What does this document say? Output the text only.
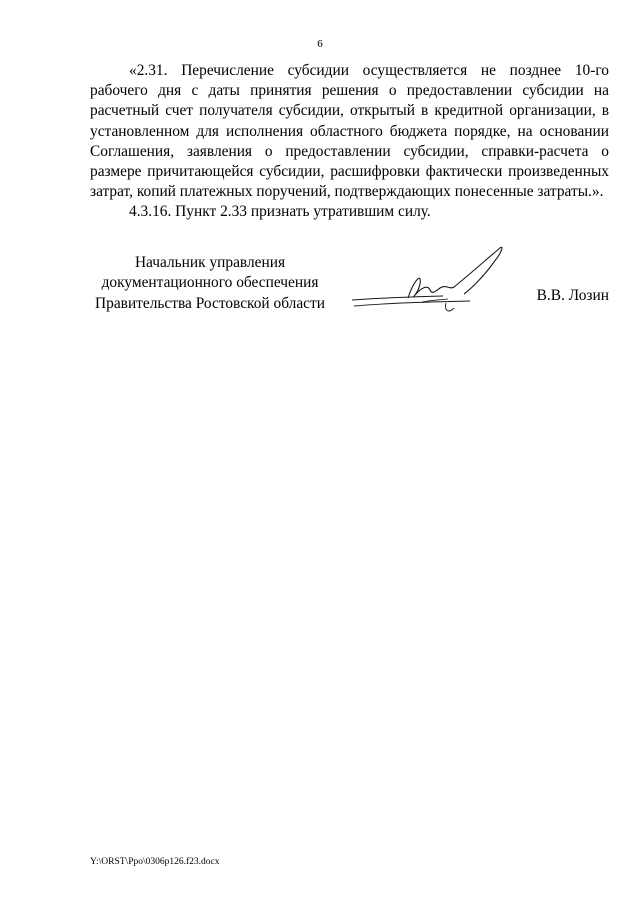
6

«2.31. Перечисление субсидии осуществляется не позднее 10-го рабочего дня с даты принятия решения о предоставлении субсидии на расчетный счет получателя субсидии, открытый в кредитной организации, в установленном для исполнения областного бюджета порядке, на основании Соглашения, заявления о предоставлении субсидии, справки-расчета о размере причитающейся субсидии, расшифровки фактически произведенных затрат, копий платежных поручений, подтверждающих понесенные затраты.».

4.3.16. Пункт 2.33 признать утратившим силу.

Начальник управления
документационного обеспечения
Правительства Ростовской области	В.В. Лозин
Y:\ORST\Ppo\0306p126.f23.docx
